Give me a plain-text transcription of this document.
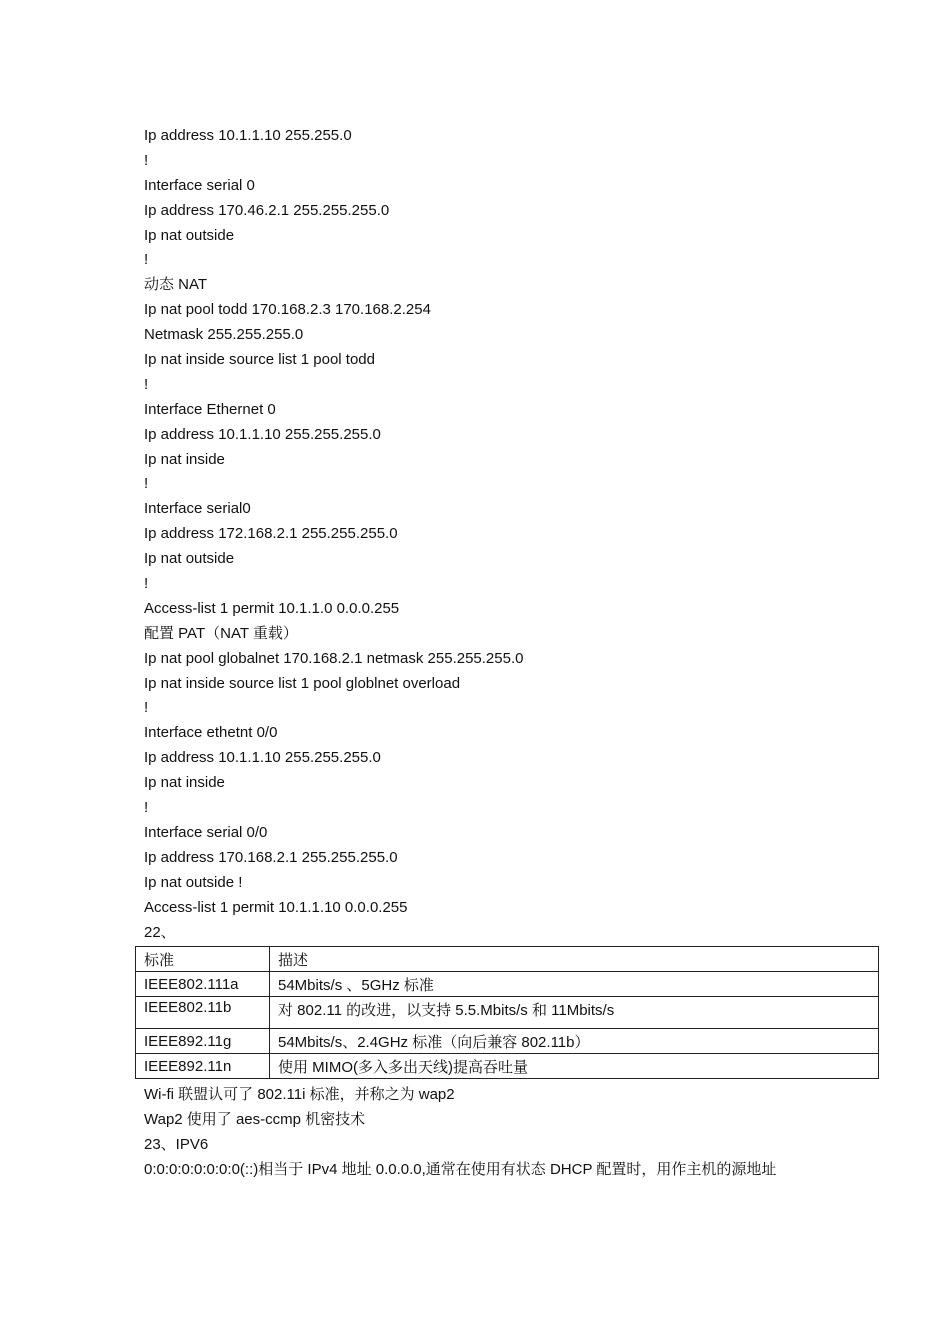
Ip address 10.1.1.10 255.255.0
!
Interface serial 0
Ip address 170.46.2.1 255.255.255.0
Ip nat outside
!
动态 NAT
Ip nat pool todd 170.168.2.3 170.168.2.254
Netmask 255.255.255.0
Ip nat inside source list 1 pool todd
!
Interface Ethernet 0
Ip address 10.1.1.10 255.255.255.0
Ip nat inside
!
Interface serial0
Ip address 172.168.2.1 255.255.255.0
Ip nat outside
!
Access-list 1 permit 10.1.1.0 0.0.0.255
配置 PAT（NAT 重载）
Ip nat pool globalnet 170.168.2.1 netmask 255.255.255.0
Ip nat inside source list 1 pool globlnet overload
!
Interface ethetnt 0/0
Ip address 10.1.1.10 255.255.255.0
Ip nat inside
!
Interface serial 0/0
Ip address 170.168.2.1 255.255.255.0
Ip nat outside !
Access-list 1 permit 10.1.1.10 0.0.0.255
22、
标准	描述
IEEE802.111a	54Mbits/s 、5GHz 标准
IEEE802.11b	对 802.11 的改进，以支持 5.5.Mbits/s 和 11Mbits/s
IEEE892.11g	54Mbits/s、2.4GHz 标准（向后兼容 802.11b）
IEEE892.11n	使用 MIMO(多入多出天线)提高吞吐量
Wi-fi 联盟认可了 802.11i 标准，并称之为 wap2
Wap2 使用了 aes-ccmp 机密技术
23、IPV6
0:0:0:0:0:0:0:0(::)相当于 IPv4 地址 0.0.0.0,通常在使用有状态 DHCP 配置时，用作主机的源地址
